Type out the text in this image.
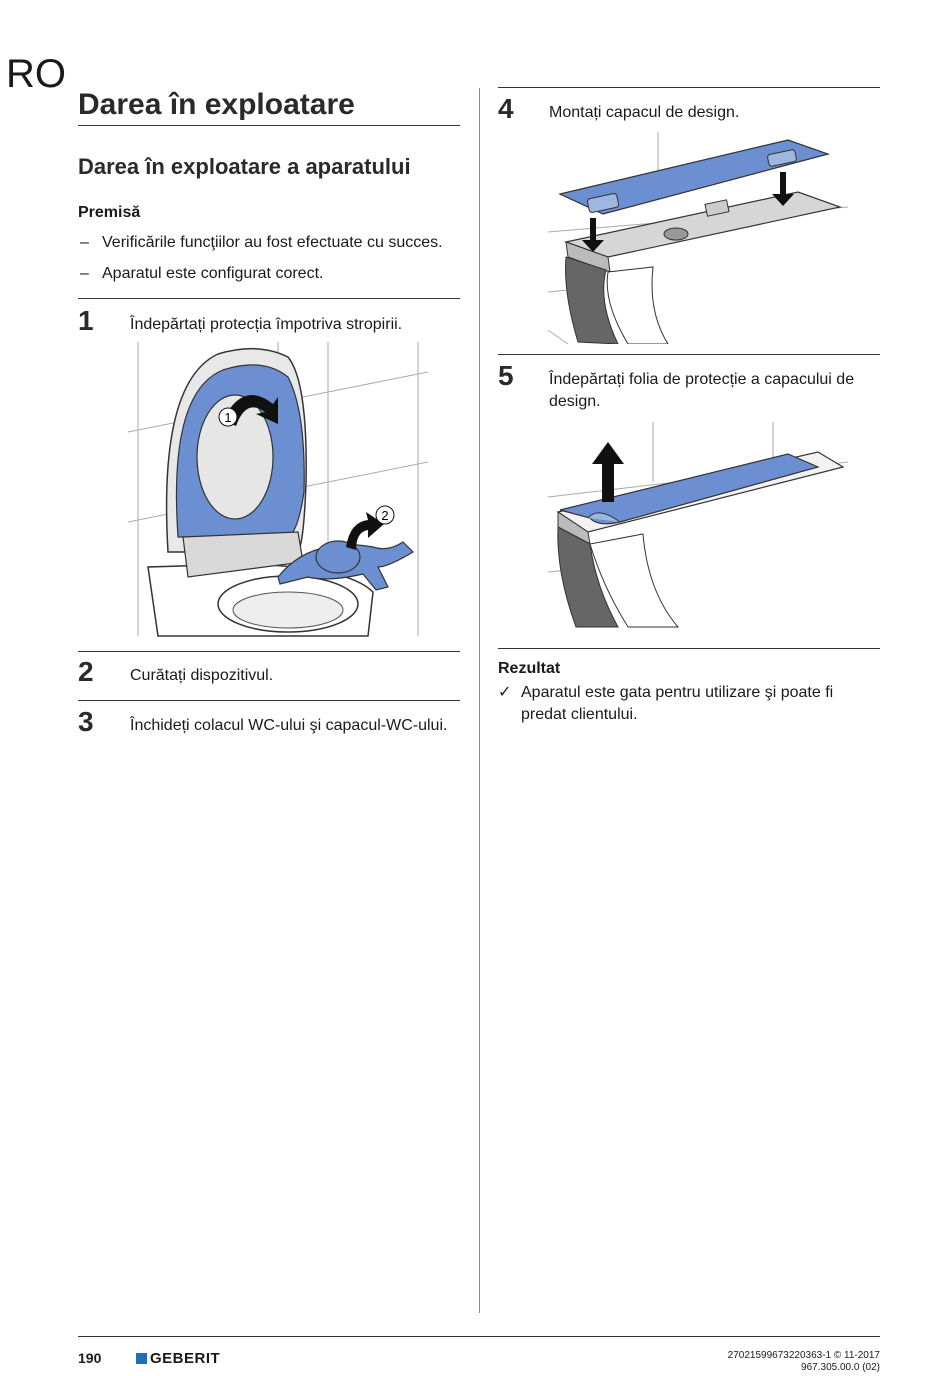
RO
Darea în exploatare
Darea în exploatare a aparatului
Premisă
– Verificările funcţiilor au fost efectuate cu succes.
– Aparatul este configurat corect.
1 Îndepărtați protecția împotriva stropirii.
1
2
2 Curătați dispozitivul.
3 Închideți colacul WC-ului şi capacul-WC-ului.
4 Montați capacul de design.
5 Îndepărtați folia de protecție a capacului de design.
Rezultat
✓ Aparatul este gata pentru utilizare şi poate fi predat clientului.
190	GEBERIT	27021599673220363-1 © 11-2017
967.305.00.0 (02)
